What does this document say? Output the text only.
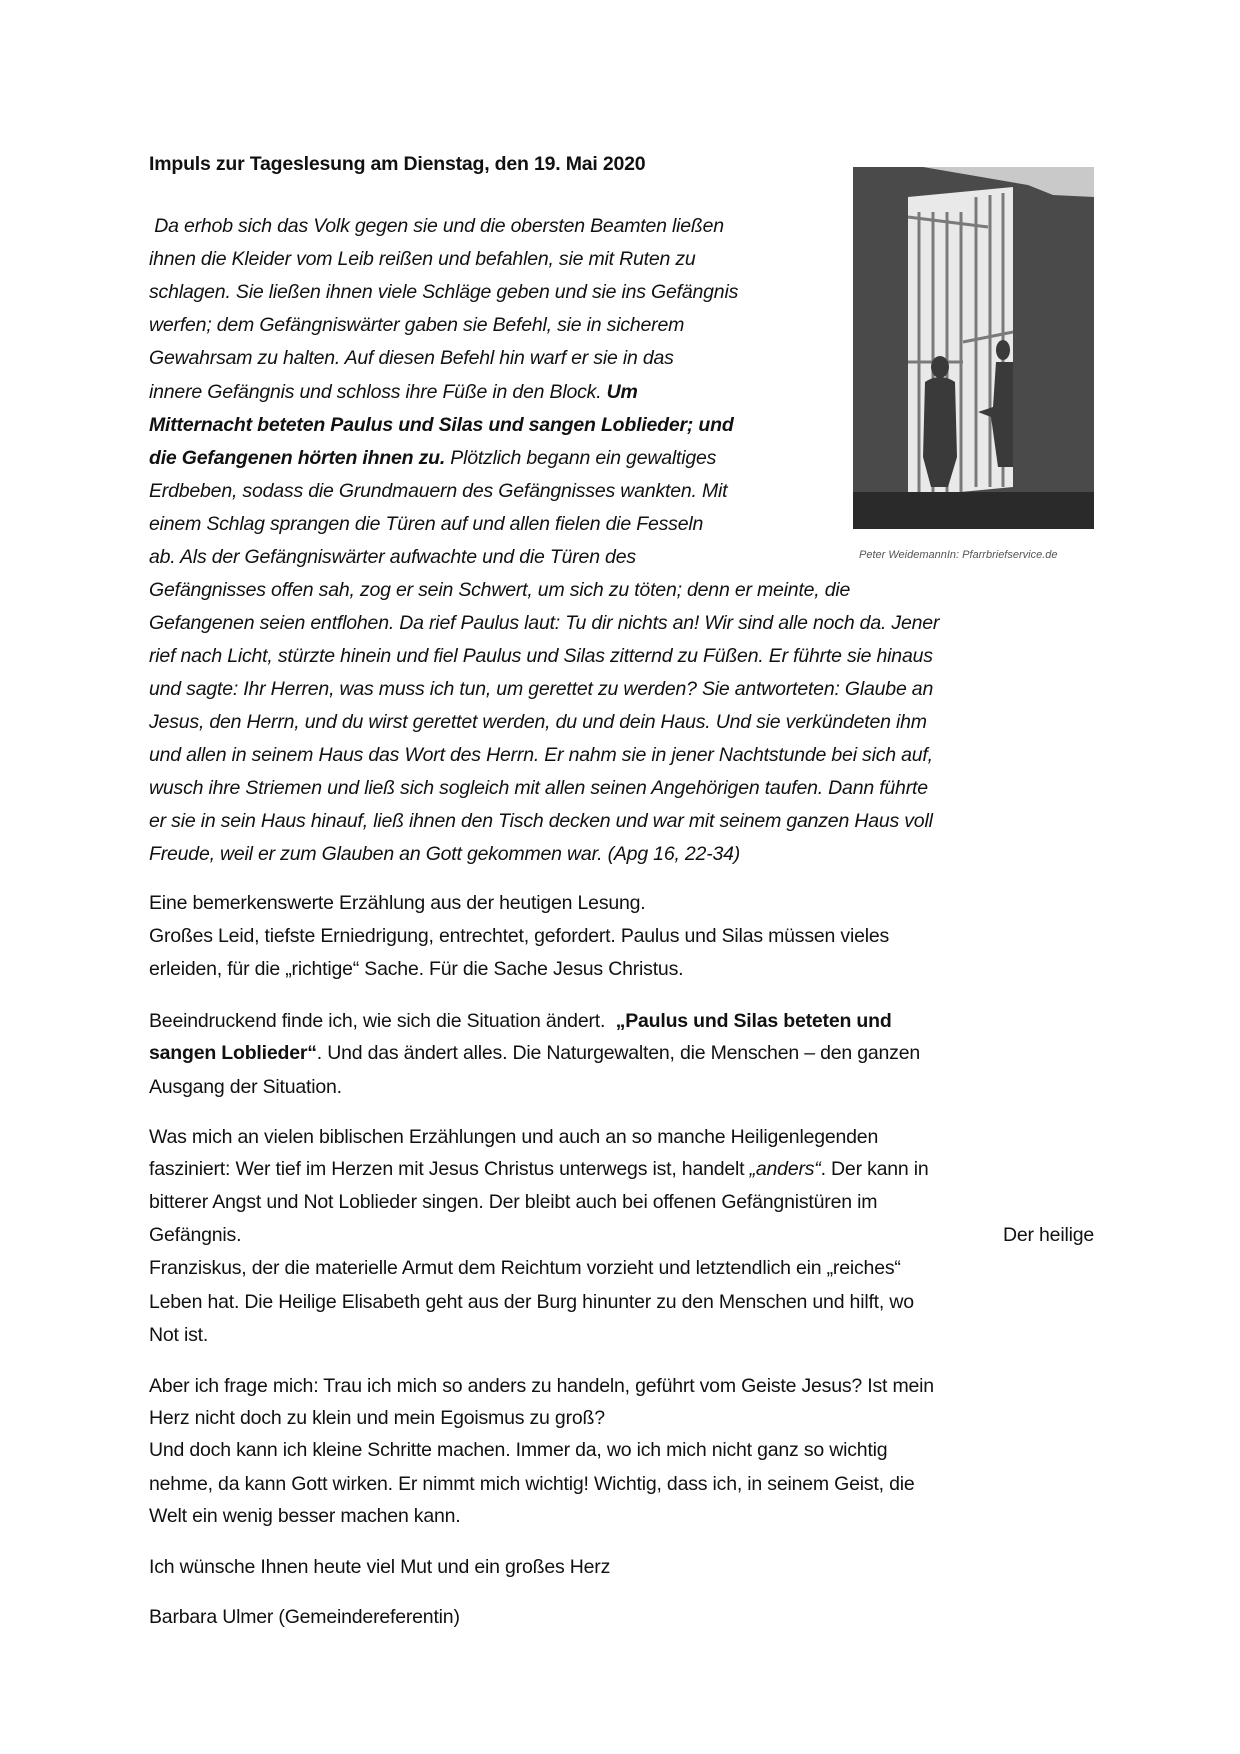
Impuls zur Tageslesung am Dienstag, den 19. Mai 2020
Peter WeidemannIn: Pfarrbriefservice.de
Da erhob sich das Volk gegen sie und die obersten Beamten ließen
ihnen die Kleider vom Leib reißen und befahlen, sie mit Ruten zu
schlagen. Sie ließen ihnen viele Schläge geben und sie ins Gefängnis
werfen; dem Gefängniswärter gaben sie Befehl, sie in sicherem
Gewahrsam zu halten. Auf diesen Befehl hin warf er sie in das
innere Gefängnis und schloss ihre Füße in den Block. Um
Mitternacht beteten Paulus und Silas und sangen Loblieder; und
die Gefangenen hörten ihnen zu. Plötzlich begann ein gewaltiges
Erdbeben, sodass die Grundmauern des Gefängnisses wankten. Mit
einem Schlag sprangen die Türen auf und allen fielen die Fesseln
ab. Als der Gefängniswärter aufwachte und die Türen des
Gefängnisses offen sah, zog er sein Schwert, um sich zu töten; denn er meinte, die
Gefangenen seien entflohen. Da rief Paulus laut: Tu dir nichts an! Wir sind alle noch da. Jener
rief nach Licht, stürzte hinein und fiel Paulus und Silas zitternd zu Füßen. Er führte sie hinaus
und sagte: Ihr Herren, was muss ich tun, um gerettet zu werden? Sie antworteten: Glaube an
Jesus, den Herrn, und du wirst gerettet werden, du und dein Haus. Und sie verkündeten ihm
und allen in seinem Haus das Wort des Herrn. Er nahm sie in jener Nachtstunde bei sich auf,
wusch ihre Striemen und ließ sich sogleich mit allen seinen Angehörigen taufen. Dann führte
er sie in sein Haus hinauf, ließ ihnen den Tisch decken und war mit seinem ganzen Haus voll
Freude, weil er zum Glauben an Gott gekommen war. (Apg 16, 22-34)
Eine bemerkenswerte Erzählung aus der heutigen Lesung.
Großes Leid, tiefste Erniedrigung, entrechtet, gefordert. Paulus und Silas müssen vieles
erleiden, für die „richtige“ Sache. Für die Sache Jesus Christus.
Beeindruckend finde ich, wie sich die Situation ändert.  „Paulus und Silas beteten und
sangen Loblieder“. Und das ändert alles. Die Naturgewalten, die Menschen – den ganzen
Ausgang der Situation.
Was mich an vielen biblischen Erzählungen und auch an so manche Heiligenlegenden
fasziniert: Wer tief im Herzen mit Jesus Christus unterwegs ist, handelt „anders“. Der kann in
bitterer Angst und Not Loblieder singen. Der bleibt auch bei offenen Gefängnistüren im
Gefängnis.	Der heilige
Franziskus, der die materielle Armut dem Reichtum vorzieht und letztendlich ein „reiches“
Leben hat. Die Heilige Elisabeth geht aus der Burg hinunter zu den Menschen und hilft, wo
Not ist.
Aber ich frage mich: Trau ich mich so anders zu handeln, geführt vom Geiste Jesus? Ist mein
Herz nicht doch zu klein und mein Egoismus zu groß?
Und doch kann ich kleine Schritte machen. Immer da, wo ich mich nicht ganz so wichtig
nehme, da kann Gott wirken. Er nimmt mich wichtig! Wichtig, dass ich, in seinem Geist, die
Welt ein wenig besser machen kann.
Ich wünsche Ihnen heute viel Mut und ein großes Herz
Barbara Ulmer (Gemeindereferentin)
